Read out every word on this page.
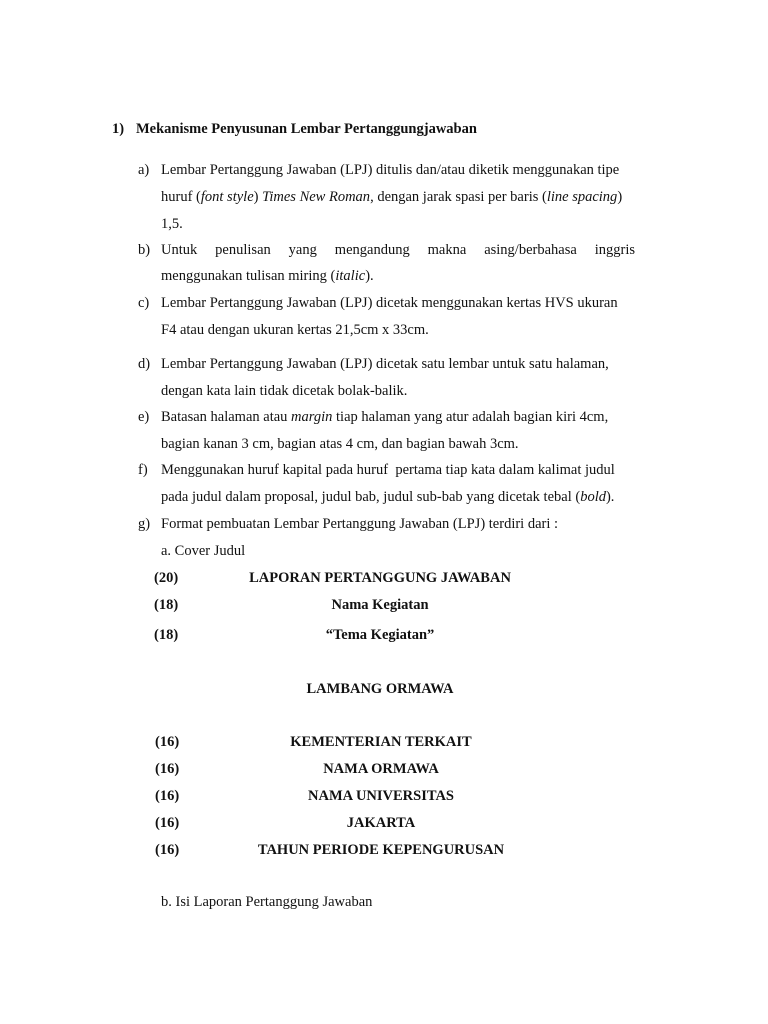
1) Mekanisme Penyusunan Lembar Pertanggungjawaban
a) Lembar Pertanggung Jawaban (LPJ) ditulis dan/atau diketik menggunakan tipe
huruf (font style) Times New Roman, dengan jarak spasi per baris (line spacing)
1,5.
b) Untuk penulisan yang mengandung makna asing/berbahasa inggris
menggunakan tulisan miring (italic).
c) Lembar Pertanggung Jawaban (LPJ) dicetak menggunakan kertas HVS ukuran
F4 atau dengan ukuran kertas 21,5cm x 33cm.
d) Lembar Pertanggung Jawaban (LPJ) dicetak satu lembar untuk satu halaman,
dengan kata lain tidak dicetak bolak-balik.
e) Batasan halaman atau margin tiap halaman yang atur adalah bagian kiri 4cm,
bagian kanan 3 cm, bagian atas 4 cm, dan bagian bawah 3cm.
f) Menggunakan huruf kapital pada huruf  pertama tiap kata dalam kalimat judul
pada judul dalam proposal, judul bab, judul sub-bab yang dicetak tebal (bold).
g) Format pembuatan Lembar Pertanggung Jawaban (LPJ) terdiri dari :
a. Cover Judul
(20)	LAPORAN PERTANGGUNG JAWABAN
(18)	Nama Kegiatan
(18)	“Tema Kegiatan”
LAMBANG ORMAWA
(16)	KEMENTERIAN TERKAIT
(16)	NAMA ORMAWA
(16)	NAMA UNIVERSITAS
(16)	JAKARTA
(16)	TAHUN PERIODE KEPENGURUSAN
b. Isi Laporan Pertanggung Jawaban
